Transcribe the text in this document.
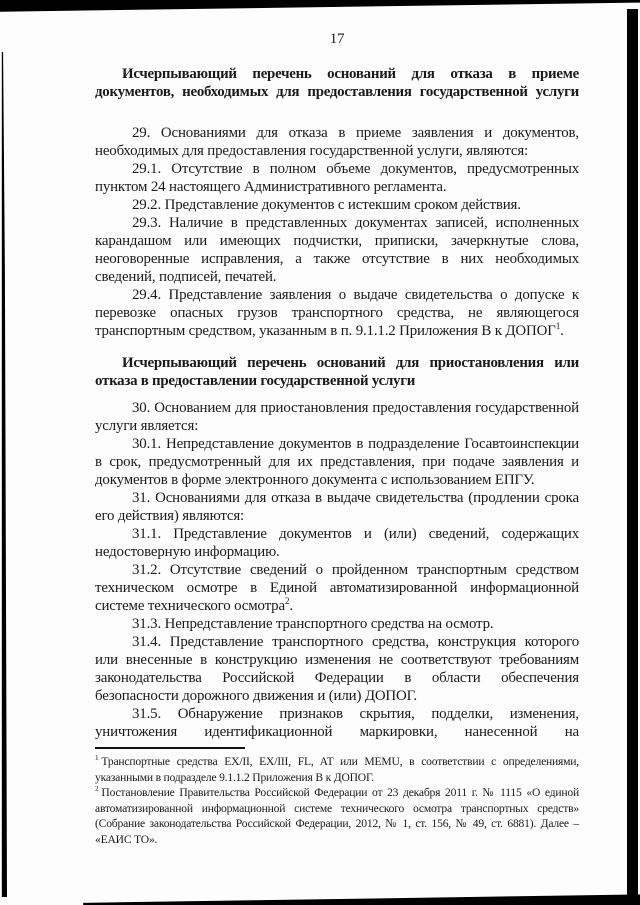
17
Исчерпывающий перечень оснований для отказа в приеме документов, необходимых для предоставления государственной услуги
29. Основаниями для отказа в приеме заявления и документов, необходимых для предоставления государственной услуги, являются:
29.1. Отсутствие в полном объеме документов, предусмотренных пунктом 24 настоящего Административного регламента.
29.2. Представление документов с истекшим сроком действия.
29.3. Наличие в представленных документах записей, исполненных карандашом или имеющих подчистки, приписки, зачеркнутые слова, неоговоренные исправления, а также отсутствие в них необходимых сведений, подписей, печатей.
29.4. Представление заявления о выдаче свидетельства о допуске к перевозке опасных грузов транспортного средства, не являющегося транспортным средством, указанным в п. 9.1.1.2 Приложения В к ДОПОГ$^1$.
Исчерпывающий перечень оснований для приостановления или отказа в предоставлении государственной услуги
30. Основанием для приостановления предоставления государственной услуги является:
30.1. Непредставление документов в подразделение Госавтоинспекции в срок, предусмотренный для их представления, при подаче заявления и документов в форме электронного документа с использованием ЕПГУ.
31. Основаниями для отказа в выдаче свидетельства (продлении срока его действия) являются:
31.1. Представление документов и (или) сведений, содержащих недостоверную информацию.
31.2. Отсутствие сведений о пройденном транспортным средством техническом осмотре в Единой автоматизированной информационной системе технического осмотра$^2$.
31.3. Непредставление транспортного средства на осмотр.
31.4. Представление транспортного средства, конструкция которого или внесенные в конструкцию изменения не соответствуют требованиям законодательства Российской Федерации в области обеспечения безопасности дорожного движения и (или) ДОПОГ.
31.5. Обнаружение признаков скрытия, подделки, изменения, уничтожения идентификационной маркировки, нанесенной на
$^1$ Транспортные средства EX/II, EX/III, FL, AT или MEMU, в соответствии с определениями, указанными в подразделе 9.1.1.2 Приложения В к ДОПОГ.
$^2$ Постановление Правительства Российской Федерации от 23 декабря 2011 г. № 1115 «О единой автоматизированной информационной системе технического осмотра транспортных средств» (Собрание законодательства Российской Федерации, 2012, № 1, ст. 156, № 49, ст. 6881). Далее – «ЕАИС ТО».
